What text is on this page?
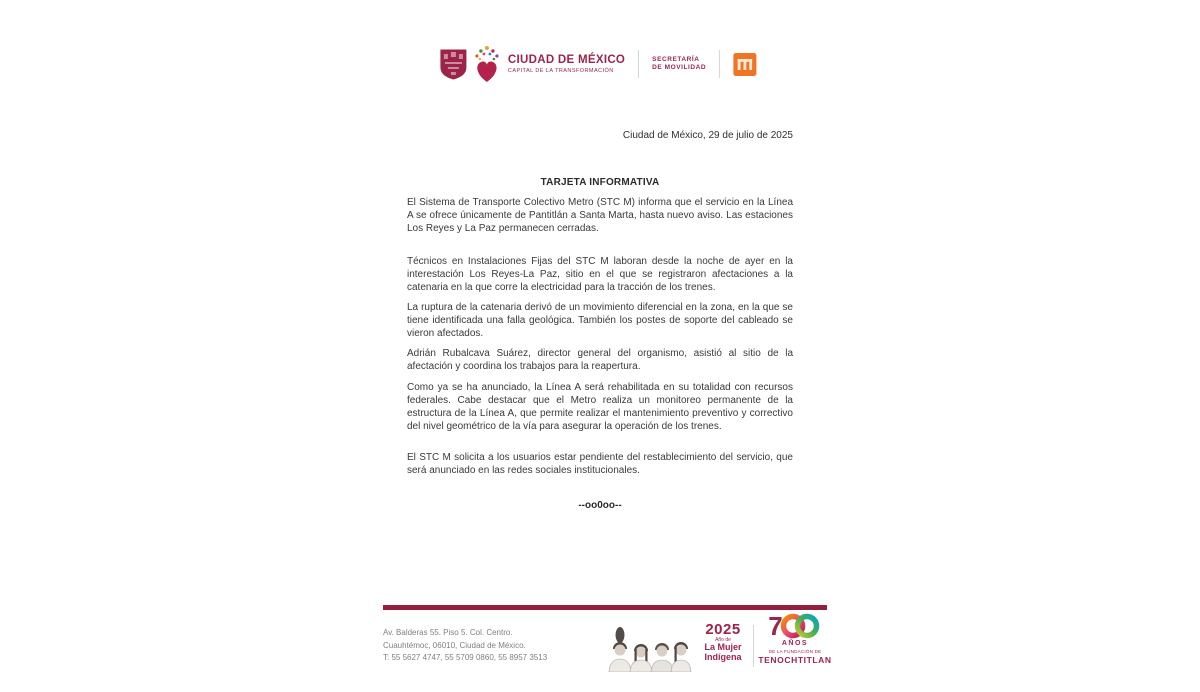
CIUDAD DE MÉXICO
CAPITAL DE LA TRANSFORMACIÓN
SECRETARÍA
DE MOVILIDAD
Ciudad de México, 29 de julio de 2025
TARJETA INFORMATIVA

El Sistema de Transporte Colectivo Metro (STC M) informa que el servicio en la Línea A se ofrece únicamente de Pantitlán a Santa Marta, hasta nuevo aviso. Las estaciones Los Reyes y La Paz permanecen cerradas.

Técnicos en Instalaciones Fijas del STC M laboran desde la noche de ayer en la interestación Los Reyes-La Paz, sitio en el que se registraron afectaciones a la catenaria en la que corre la electricidad para la tracción de los trenes.

La ruptura de la catenaria derivó de un movimiento diferencial en la zona, en la que se tiene identificada una falla geológica. También los postes de soporte del cableado se vieron afectados.

Adrián Rubalcava Suárez, director general del organismo, asistió al sitio de la afectación y coordina los trabajos para la reapertura.

Como ya se ha anunciado, la Línea A será rehabilitada en su totalidad con recursos federales. Cabe destacar que el Metro realiza un monitoreo permanente de la estructura de la Línea A, que permite realizar el mantenimiento preventivo y correctivo del nivel geométrico de la vía para asegurar la operación de los trenes.

El STC M solicita a los usuarios estar pendiente del restablecimiento del servicio, que será anunciado en las redes sociales institucionales.

--oo0oo--
Av. Balderas 55. Piso 5. Col. Centro.
Cuauhtémoc, 06010, Ciudad de México.
T: 55 5627 4747, 55 5709 0860, 55 8957 3513
2025
Año de
La Mujer
Indígena
7
AÑOS
DE LA FUNDACIÓN DE
TENOCHTITLAN
